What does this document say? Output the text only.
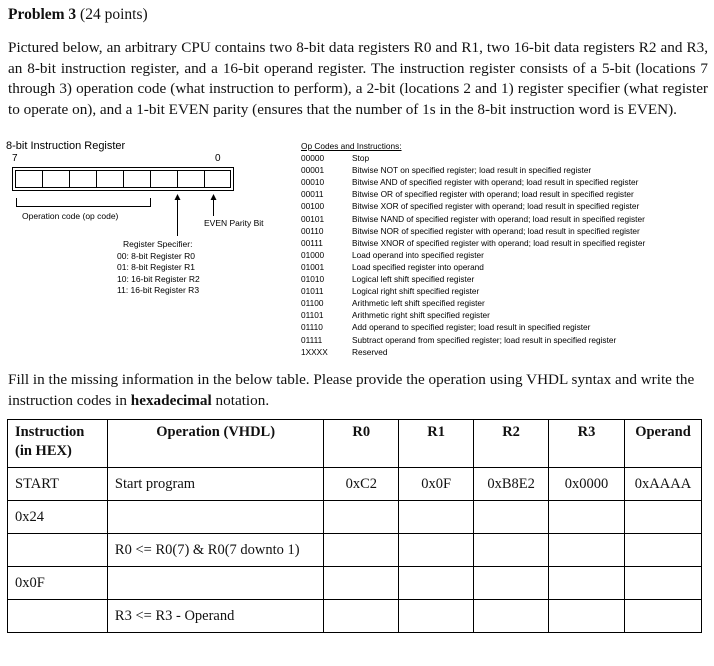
Problem 3 (24 points)
Pictured below, an arbitrary CPU contains two 8-bit data registers R0 and R1, two 16-bit data registers R2 and R3, an 8-bit instruction register, and a 16-bit operand register. The instruction register consists of a 5-bit (locations 7 through 3) operation code (what instruction to perform), a 2-bit (locations 2 and 1) register specifier (what register to operate on), and a 1-bit EVEN parity (ensures that the number of 1s in the 8-bit instruction word is EVEN).
8-bit Instruction Register
7	0
Operation code (op code)
EVEN Parity Bit
Register Specifier:
00: 8-bit Register R0
01: 8-bit Register R1
10: 16-bit Register R2
11: 16-bit Register R3
Op Codes and Instructions:
00000	Stop
00001	Bitwise NOT on specified register; load result in specified register
00010	Bitwise AND of specified register with operand; load result in specified register
00011	Bitwise OR of specified register with operand; load result in specified register
00100	Bitwise XOR of specified register with operand; load result in specified register
00101	Bitwise NAND of specified register with operand; load result in specified register
00110	Bitwise NOR of specified register with operand; load result in specified register
00111	Bitwise XNOR of specified register with operand; load result in specified register
01000	Load operand into specified register
01001	Load specified register into operand
01010	Logical left shift specified register
01011	Logical right shift specified register
01100	Arithmetic left shift specified register
01101	Arithmetic right shift specified register
01110	Add operand to specified register; load result in specified register
01111	Subtract operand from specified register; load result in specified register
1XXXX	Reserved
Fill in the missing information in the below table. Please provide the operation using VHDL syntax and write the instruction codes in hexadecimal notation.
Instruction
(in HEX)	Operation (VHDL)	R0	R1	R2	R3	Operand
START	Start program	0xC2	0x0F	0xB8E2	0x0000	0xAAAA
0x24						
	R0 <= R0(7) & R0(7 downto 1)					
0x0F						
	R3 <= R3 - Operand					
